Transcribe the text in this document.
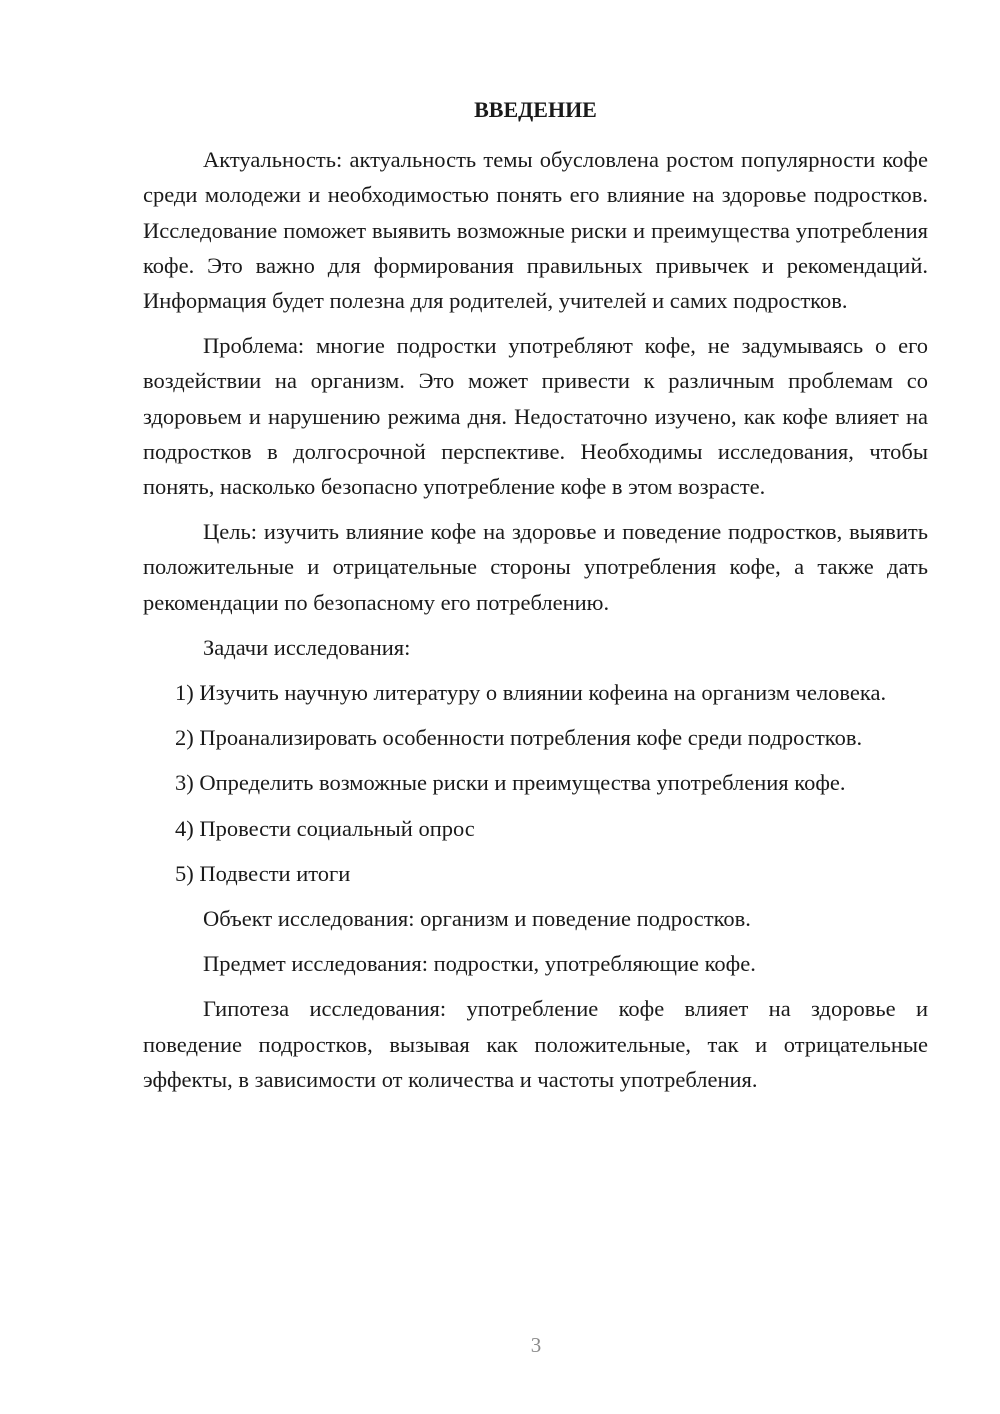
ВВЕДЕНИЕ

Актуальность: актуальность темы обусловлена ростом популярности кофе среди молодежи и необходимостью понять его влияние на здоровье подростков. Исследование поможет выявить возможные риски и преимущества употребления кофе. Это важно для формирования правильных привычек и рекомендаций. Информация будет полезна для родителей, учителей и самих подростков.

Проблема: многие подростки употребляют кофе, не задумываясь о его воздействии на организм. Это может привести к различным проблемам со здоровьем и нарушению режима дня. Недостаточно изучено, как кофе влияет на подростков в долгосрочной перспективе. Необходимы исследования, чтобы понять, насколько безопасно употребление кофе в этом возрасте.

Цель: изучить влияние кофе на здоровье и поведение подростков, выявить положительные и отрицательные стороны употребления кофе, а также дать рекомендации по безопасному его потреблению.

Задачи исследования:

1) Изучить научную литературу о влиянии кофеина на организм человека.

2) Проанализировать особенности потребления кофе среди подростков.

3) Определить возможные риски и преимущества употребления кофе.

4) Провести социальный опрос

5) Подвести итоги

Объект исследования: организм и поведение подростков.

Предмет исследования: подростки, употребляющие кофе.

Гипотеза исследования: употребление кофе влияет на здоровье и поведение подростков, вызывая как положительные, так и отрицательные эффекты, в зависимости от количества и частоты употребления.

3
